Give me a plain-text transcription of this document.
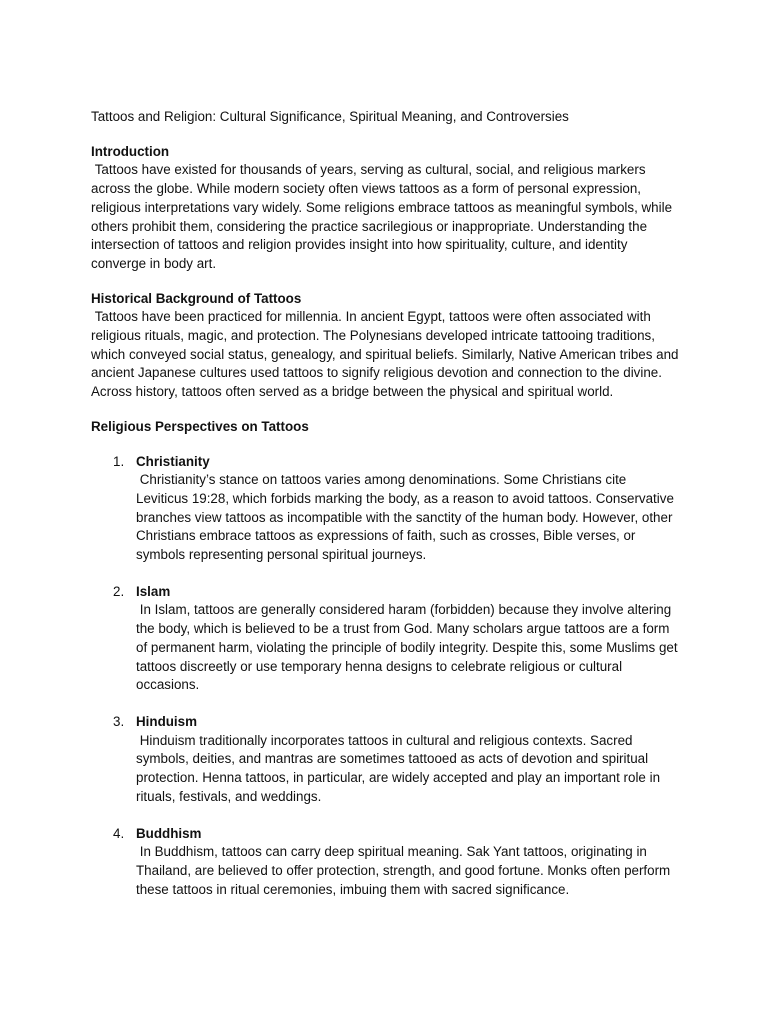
Tattoos and Religion: Cultural Significance, Spiritual Meaning, and Controversies

Introduction

Tattoos have existed for thousands of years, serving as cultural, social, and religious markers across the globe. While modern society often views tattoos as a form of personal expression, religious interpretations vary widely. Some religions embrace tattoos as meaningful symbols, while others prohibit them, considering the practice sacrilegious or inappropriate. Understanding the intersection of tattoos and religion provides insight into how spirituality, culture, and identity converge in body art.

Historical Background of Tattoos

Tattoos have been practiced for millennia. In ancient Egypt, tattoos were often associated with religious rituals, magic, and protection. The Polynesians developed intricate tattooing traditions, which conveyed social status, genealogy, and spiritual beliefs. Similarly, Native American tribes and ancient Japanese cultures used tattoos to signify religious devotion and connection to the divine. Across history, tattoos often served as a bridge between the physical and spiritual world.

Religious Perspectives on Tattoos

1. Christianity
Christianity’s stance on tattoos varies among denominations. Some Christians cite Leviticus 19:28, which forbids marking the body, as a reason to avoid tattoos. Conservative branches view tattoos as incompatible with the sanctity of the human body. However, other Christians embrace tattoos as expressions of faith, such as crosses, Bible verses, or symbols representing personal spiritual journeys.
2. Islam
In Islam, tattoos are generally considered haram (forbidden) because they involve altering the body, which is believed to be a trust from God. Many scholars argue tattoos are a form of permanent harm, violating the principle of bodily integrity. Despite this, some Muslims get tattoos discreetly or use temporary henna designs to celebrate religious or cultural occasions.
3. Hinduism
Hinduism traditionally incorporates tattoos in cultural and religious contexts. Sacred symbols, deities, and mantras are sometimes tattooed as acts of devotion and spiritual protection. Henna tattoos, in particular, are widely accepted and play an important role in rituals, festivals, and weddings.
4. Buddhism
In Buddhism, tattoos can carry deep spiritual meaning. Sak Yant tattoos, originating in Thailand, are believed to offer protection, strength, and good fortune. Monks often perform these tattoos in ritual ceremonies, imbuing them with sacred significance.
